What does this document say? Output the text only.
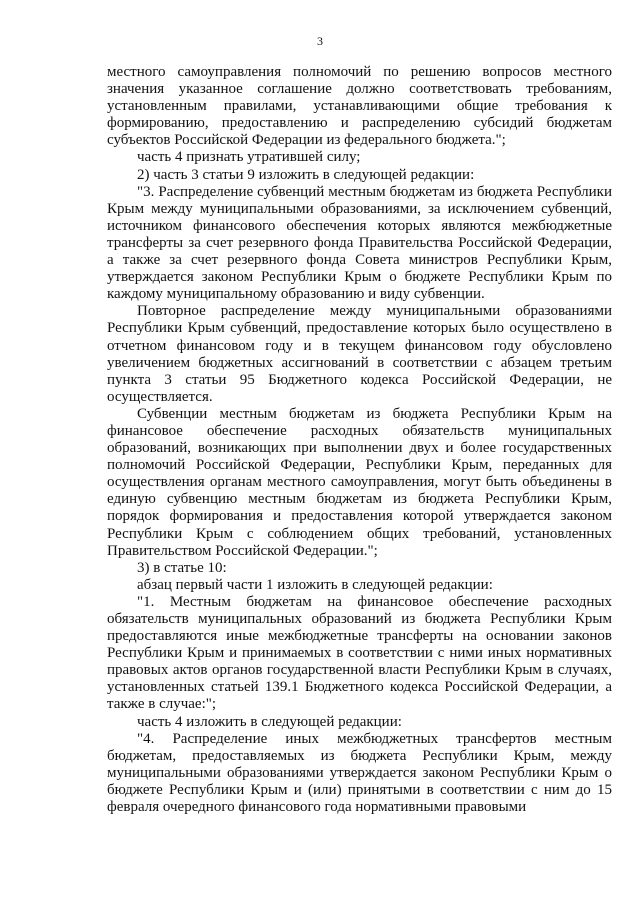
3

местного самоуправления полномочий по решению вопросов местного значения указанное соглашение должно соответствовать требованиям, установленным правилами, устанавливающими общие требования к формированию, предоставлению и распределению субсидий бюджетам субъектов Российской Федерации из федерального бюджета.";

часть 4 признать утратившей силу;

2) часть 3 статьи 9 изложить в следующей редакции:

"3. Распределение субвенций местным бюджетам из бюджета Республики Крым между муниципальными образованиями, за исключением субвенций, источником финансового обеспечения которых являются межбюджетные трансферты за счет резервного фонда Правительства Российской Федерации, а также за счет резервного фонда Совета министров Республики Крым, утверждается законом Республики Крым о бюджете Республики Крым по каждому муниципальному образованию и виду субвенции.

Повторное распределение между муниципальными образованиями Республики Крым субвенций, предоставление которых было осуществлено в отчетном финансовом году и в текущем финансовом году обусловлено увеличением бюджетных ассигнований в соответствии с абзацем третьим пункта 3 статьи 95 Бюджетного кодекса Российской Федерации, не осуществляется.

Субвенции местным бюджетам из бюджета Республики Крым на финансовое обеспечение расходных обязательств муниципальных образований, возникающих при выполнении двух и более государственных полномочий Российской Федерации, Республики Крым, переданных для осуществления органам местного самоуправления, могут быть объединены в единую субвенцию местным бюджетам из бюджета Республики Крым, порядок формирования и предоставления которой утверждается законом Республики Крым с соблюдением общих требований, установленных Правительством Российской Федерации.";

3) в статье 10:

абзац первый части 1 изложить в следующей редакции:

"1. Местным бюджетам на финансовое обеспечение расходных обязательств муниципальных образований из бюджета Республики Крым предоставляются иные межбюджетные трансферты на основании законов Республики Крым и принимаемых в соответствии с ними иных нормативных правовых актов органов государственной власти Республики Крым в случаях, установленных статьей 139.1 Бюджетного кодекса Российской Федерации, а также в случае:";

часть 4 изложить в следующей редакции:

"4. Распределение иных межбюджетных трансфертов местным бюджетам, предоставляемых из бюджета Республики Крым, между муниципальными образованиями утверждается законом Республики Крым о бюджете Республики Крым и (или) принятыми в соответствии с ним до 15 февраля очередного финансового года нормативными правовыми
